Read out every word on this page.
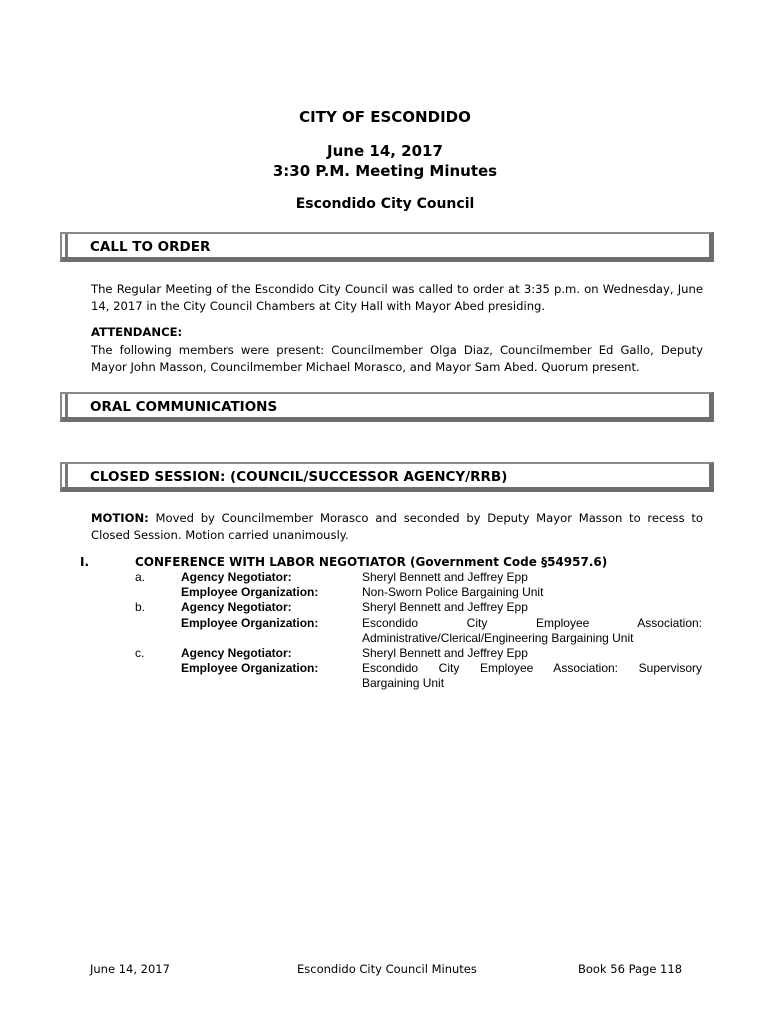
CITY OF ESCONDIDO
June 14, 2017
3:30 P.M. Meeting Minutes
Escondido City Council
CALL TO ORDER
The Regular Meeting of the Escondido City Council was called to order at 3:35 p.m. on Wednesday, June 14, 2017 in the City Council Chambers at City Hall with Mayor Abed presiding.
ATTENDANCE:
The following members were present: Councilmember Olga Diaz, Councilmember Ed Gallo, Deputy Mayor John Masson, Councilmember Michael Morasco, and Mayor Sam Abed. Quorum present.
ORAL COMMUNICATIONS
CLOSED SESSION: (COUNCIL/SUCCESSOR AGENCY/RRB)
MOTION: Moved by Councilmember Morasco and seconded by Deputy Mayor Masson to recess to Closed Session. Motion carried unanimously.
I.	CONFERENCE WITH LABOR NEGOTIATOR (Government Code §54957.6)
a.	Agency Negotiator:	Sheryl Bennett and Jeffrey Epp
Employee Organization:	Non-Sworn Police Bargaining Unit
b.	Agency Negotiator:	Sheryl Bennett and Jeffrey Epp
Employee Organization:	Escondido City Employee Association:
Administrative/Clerical/Engineering Bargaining Unit
c.	Agency Negotiator:	Sheryl Bennett and Jeffrey Epp
Employee Organization:	Escondido City Employee Association: Supervisory
Bargaining Unit
June 14, 2017	Escondido City Council Minutes	Book 56 Page 118
